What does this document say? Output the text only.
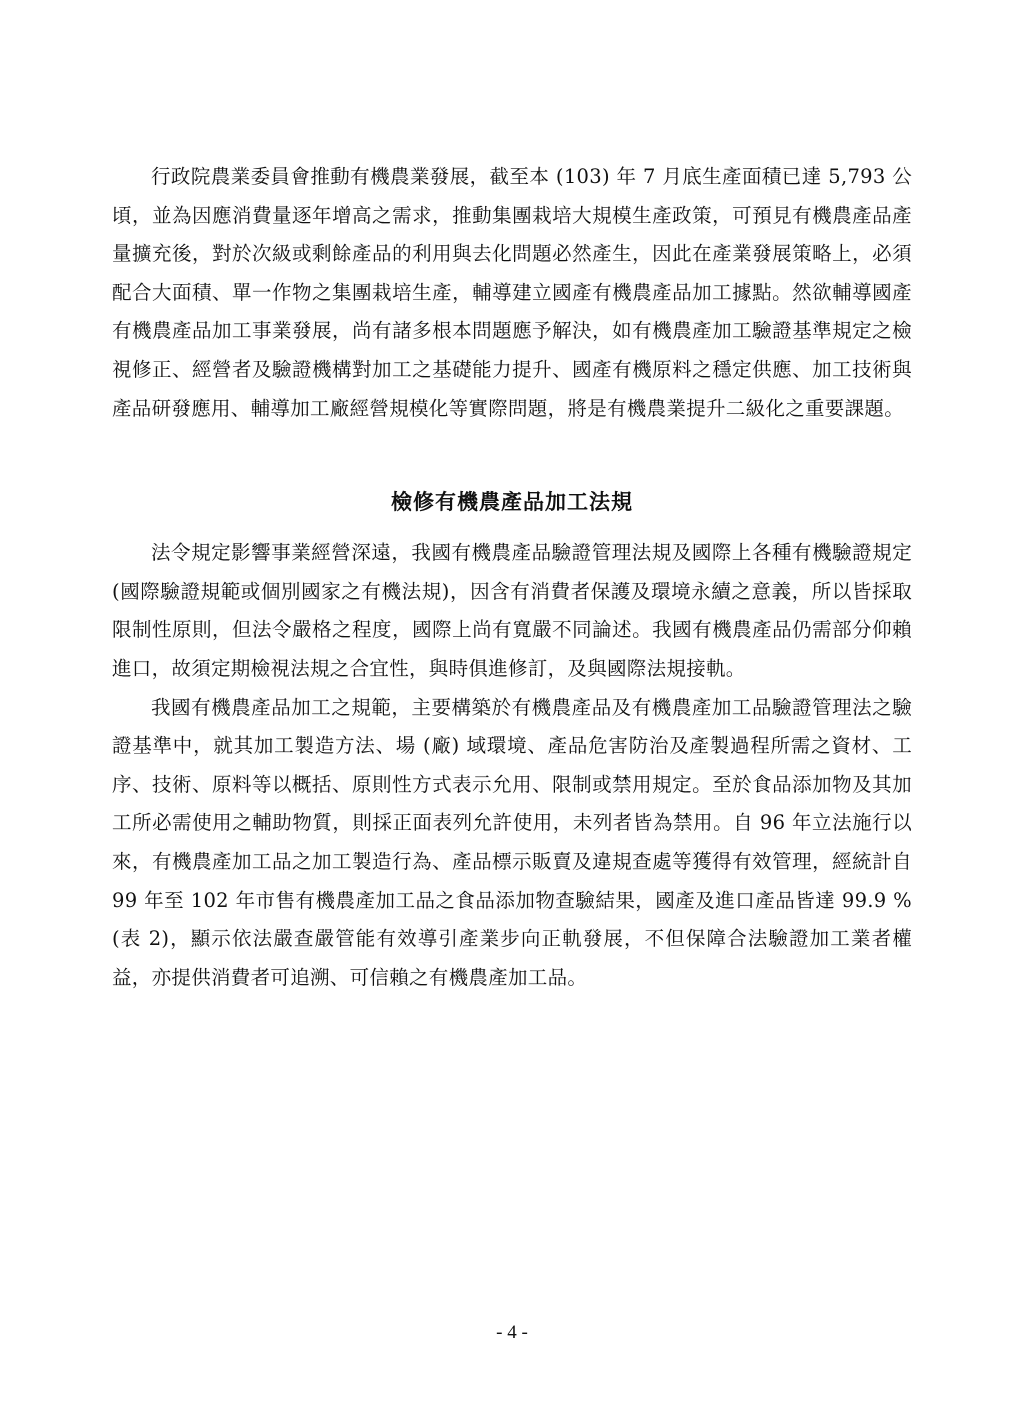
行政院農業委員會推動有機農業發展，截至本 (103) 年 7 月底生產面積已達 5,793 公頃，並為因應消費量逐年增高之需求，推動集團栽培大規模生產政策，可預見有機農產品產量擴充後，對於次級或剩餘產品的利用與去化問題必然產生，因此在產業發展策略上，必須配合大面積、單一作物之集團栽培生產，輔導建立國產有機農產品加工據點。然欲輔導國產有機農產品加工事業發展，尚有諸多根本問題應予解決，如有機農產加工驗證基準規定之檢視修正、經營者及驗證機構對加工之基礎能力提升、國產有機原料之穩定供應、加工技術與產品研發應用、輔導加工廠經營規模化等實際問題，將是有機農業提升二級化之重要課題。

檢修有機農產品加工法規

法令規定影響事業經營深遠，我國有機農產品驗證管理法規及國際上各種有機驗證規定 (國際驗證規範或個別國家之有機法規)，因含有消費者保護及環境永續之意義，所以皆採取限制性原則，但法令嚴格之程度，國際上尚有寬嚴不同論述。我國有機農產品仍需部分仰賴進口，故須定期檢視法規之合宜性，與時俱進修訂，及與國際法規接軌。

我國有機農產品加工之規範，主要構築於有機農產品及有機農產加工品驗證管理法之驗證基準中，就其加工製造方法、場 (廠) 域環境、產品危害防治及產製過程所需之資材、工序、技術、原料等以概括、原則性方式表示允用、限制或禁用規定。至於食品添加物及其加工所必需使用之輔助物質，則採正面表列允許使用，未列者皆為禁用。自 96 年立法施行以來，有機農產加工品之加工製造行為、產品標示販賣及違規查處等獲得有效管理，經統計自 99 年至 102 年市售有機農產加工品之食品添加物查驗結果，國產及進口產品皆達 99.9 % (表 2)，顯示依法嚴查嚴管能有效導引產業步向正軌發展，不但保障合法驗證加工業者權益，亦提供消費者可追溯、可信賴之有機農產加工品。

- 4 -
